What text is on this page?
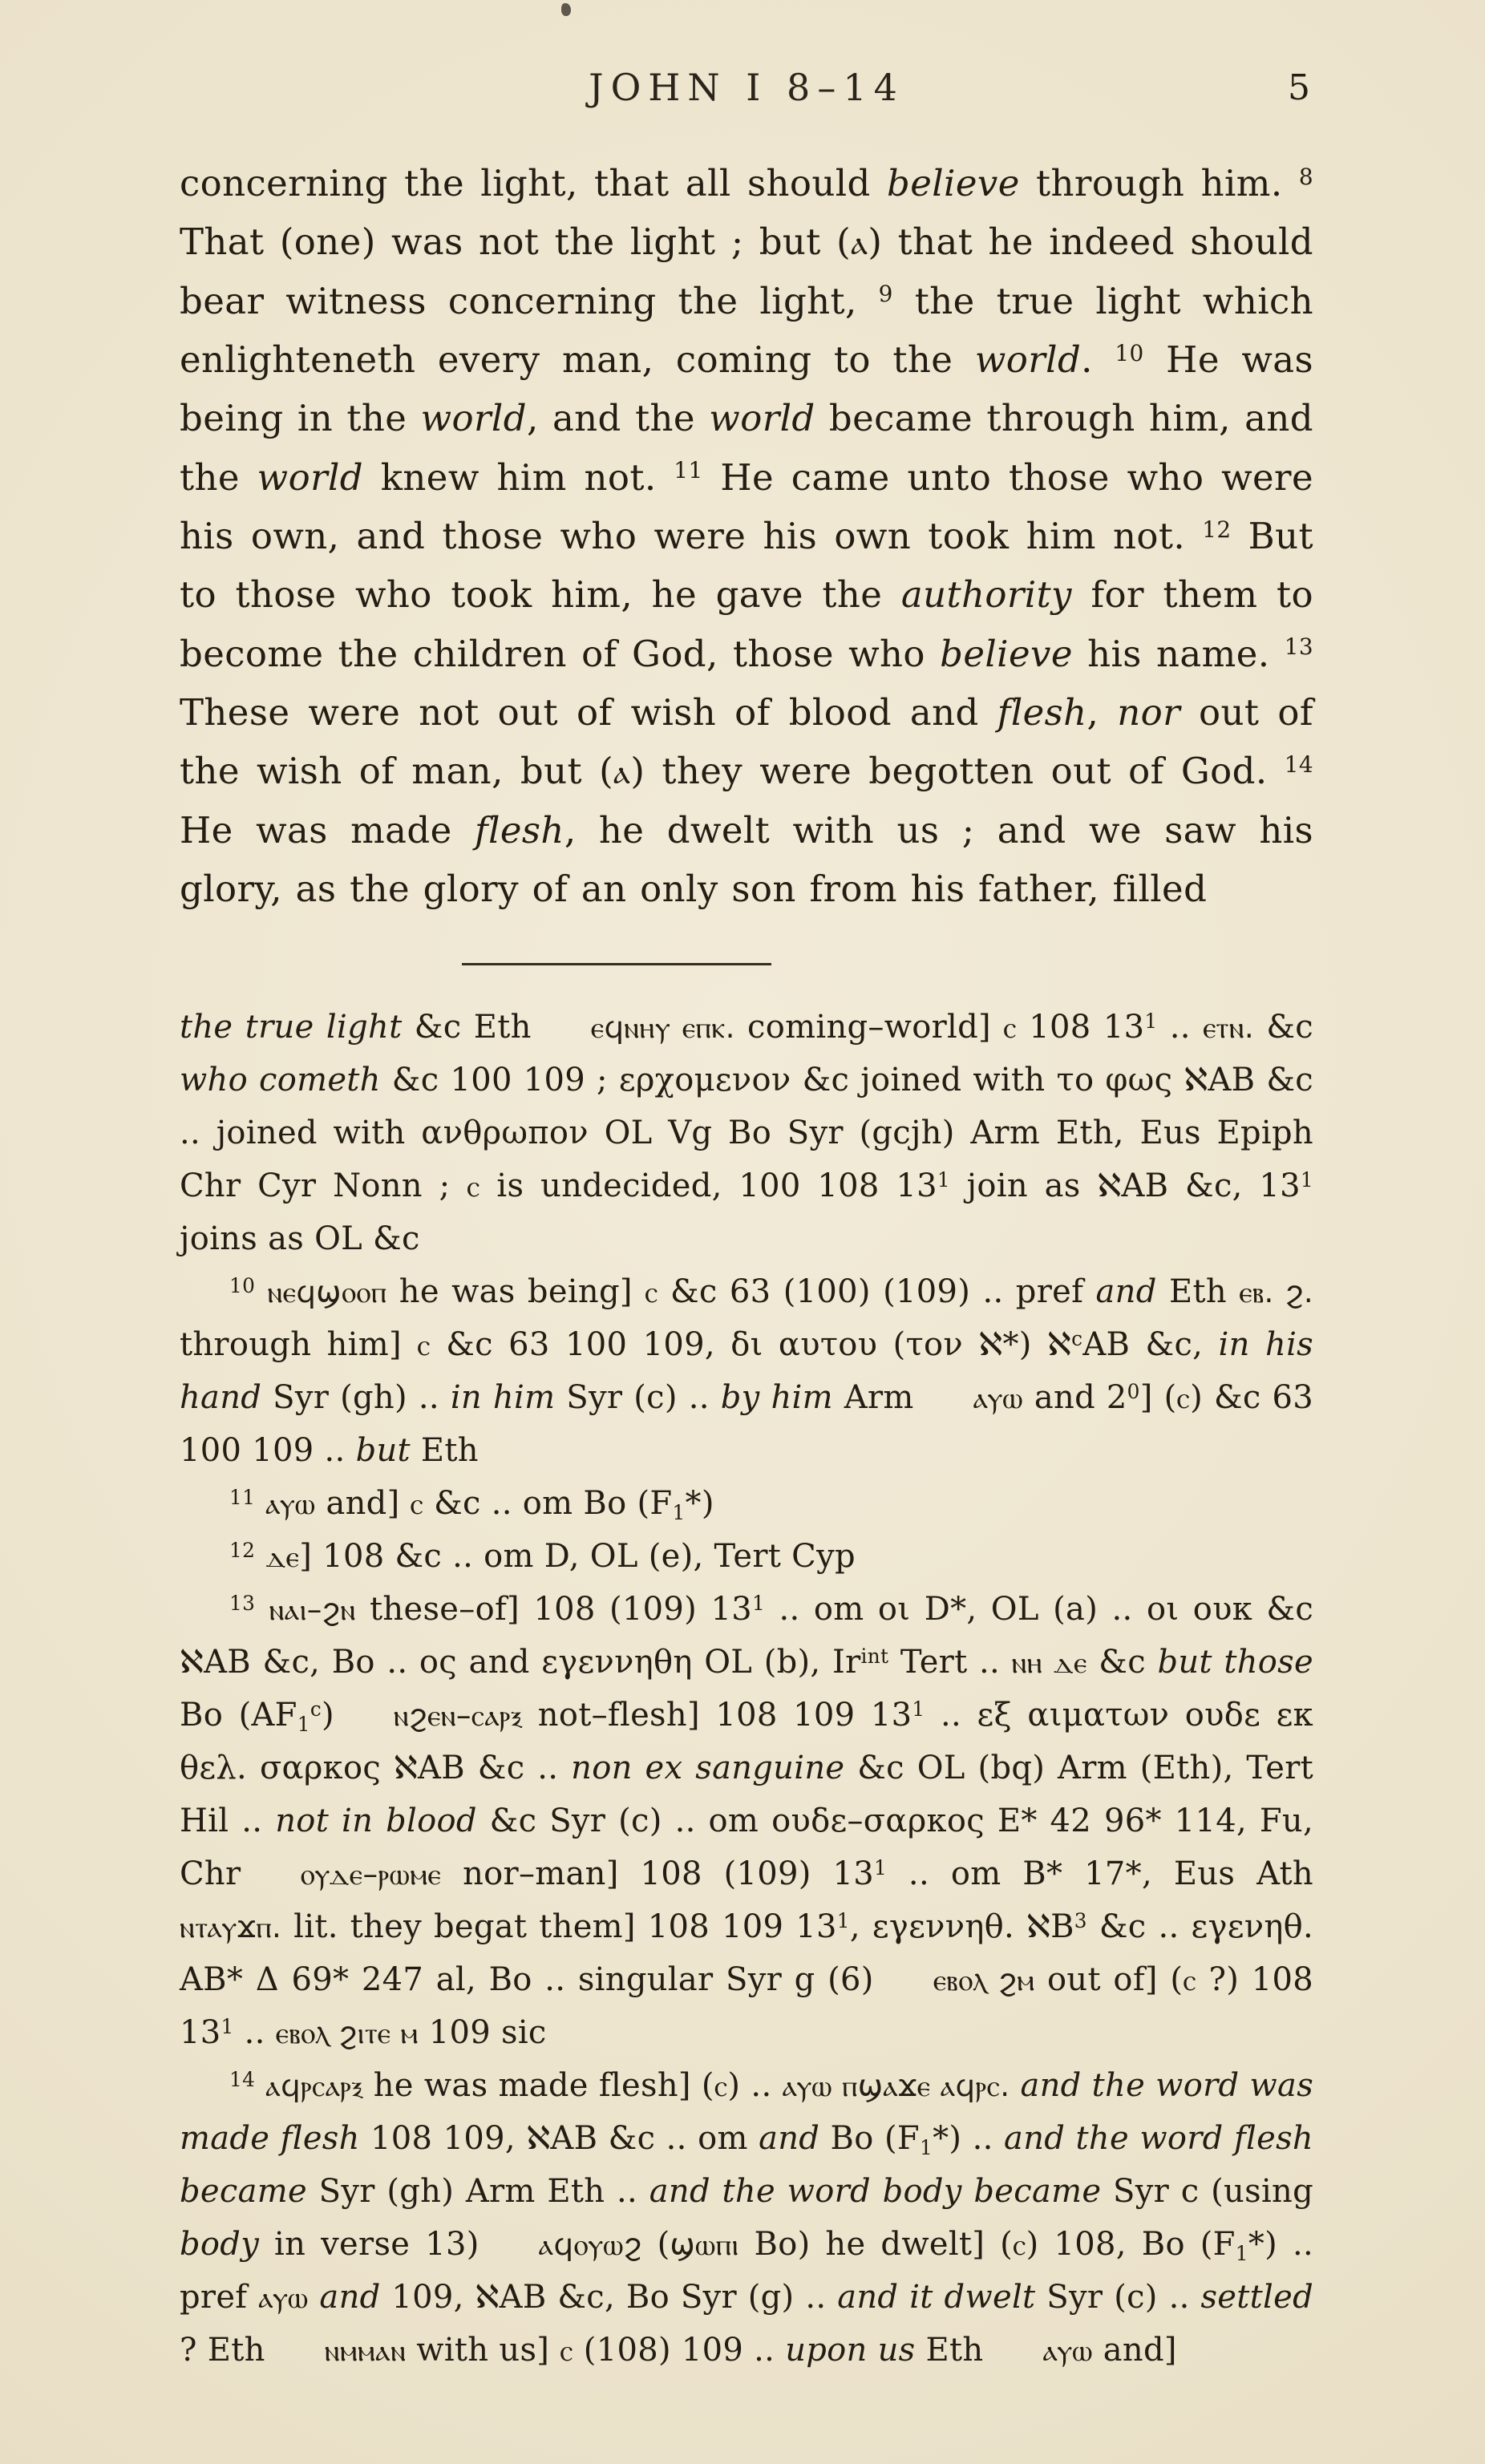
JOHN I 8–14	5

concerning the light, that all should believe through him. $^8$ That (one) was not the light ; but (ⲁ) that he indeed should bear witness concerning the light, $^9$ the true light which enlighteneth every man, coming to the world. $^{10}$ He was being in the world, and the world became through him, and the world knew him not. $^{11}$ He came unto those who were his own, and those who were his own took him not. $^{12}$ But to those who took him, he gave the authority for them to become the children of God, those who believe his name. $^{13}$ These were not out of wish of blood and flesh, nor out of the wish of man, but (ⲁ) they were begotten out of God. $^{14}$ He was made flesh, he dwelt with us ; and we saw his glory, as the glory of an only son from his father, filled

the true light &c Eth ⲉϥⲛⲏⲩ ⲉⲡⲕ. coming–world] ⲥ 108 $13^1$ .. ⲉⲧⲛ. &c who cometh &c 100 109 ; ερχομενον &c joined with το φως ℵAB &c .. joined with ανθρωπον OL Vg Bo Syr (gcjh) Arm Eth, Eus Epiph Chr Cyr Nonn ; ⲥ is undecided, 100 108 $13^1$ join as ℵAB &c, $13^1$ joins as OL &c

$^{10}$ ⲛⲉϥϣⲟⲟⲡ he was being] ⲥ &c 63 (100) (109) .. pref and Eth ⲉⲃ. ϩ. through him] ⲥ &c 63 100 109, δι αυτου (τον ℵ*) ℵ$^c$AB &c, in his hand Syr (gh) .. in him Syr (c) .. by him Arm ⲁⲩⲱ and $2^0$] (ⲥ) &c 63 100 109 .. but Eth

$^{11}$ ⲁⲩⲱ and] ⲥ &c .. om Bo (F1*)

$^{12}$ ⲇⲉ] 108 &c .. om D, OL (e), Tert Cyp

$^{13}$ ⲛⲁⲓ–ϩⲛ these–of] 108 (109) $13^1$ .. om οι D*, OL (a) .. οι ουκ &c ℵAB &c, Bo .. ος and εγεννηθη OL (b), $Ir^{int}$ Tert .. ⲛⲏ ⲇⲉ &c but those Bo (AF1$^c$) ⲛϩⲉⲛ–ⲥⲁⲣⲝ not–flesh] 108 109 $13^1$ .. εξ αιματων ουδε εκ θελ. σαρκος ℵAB &c .. non ex sanguine &c OL (bq) Arm (Eth), Tert Hil .. not in blood &c Syr (c) .. om ουδε–σαρκος E* 42 96* 114, Fu, Chr ⲟⲩⲇⲉ–ⲣⲱⲙⲉ nor–man] 108 (109) $13^1$ .. om B* 17*, Eus Ath ⲛⲧⲁⲩϫⲡ. lit. they begat them] 108 109 $13^1$, εγεννηθ. ℵB$^3$ &c .. εγενηθ. AB* Δ 69* 247 al, Bo .. singular Syr g (6) ⲉⲃⲟⲗ ϩⲙ out of] (ⲥ ?) 108 $13^1$ .. ⲉⲃⲟⲗ ϩⲓⲧⲉ ⲙ 109 sic

$^{14}$ ⲁϥⲣⲥⲁⲣⲝ he was made flesh] (ⲥ) .. ⲁⲩⲱ ⲡϣⲁϫⲉ ⲁϥⲣⲥ. and the word was made flesh 108 109, ℵAB &c .. om and Bo (F1*) .. and the word flesh became Syr (gh) Arm Eth .. and the word body became Syr c (using body in verse 13) ⲁϥⲟⲩⲱϩ (ϣⲱⲡⲓ Bo) he dwelt] (ⲥ) 108, Bo (F1*) .. pref ⲁⲩⲱ and 109, ℵAB &c, Bo Syr (g) .. and it dwelt Syr (c) .. settled ? Eth ⲛⲙⲙⲁⲛ with us] ⲥ (108) 109 .. upon us Eth ⲁⲩⲱ and]
